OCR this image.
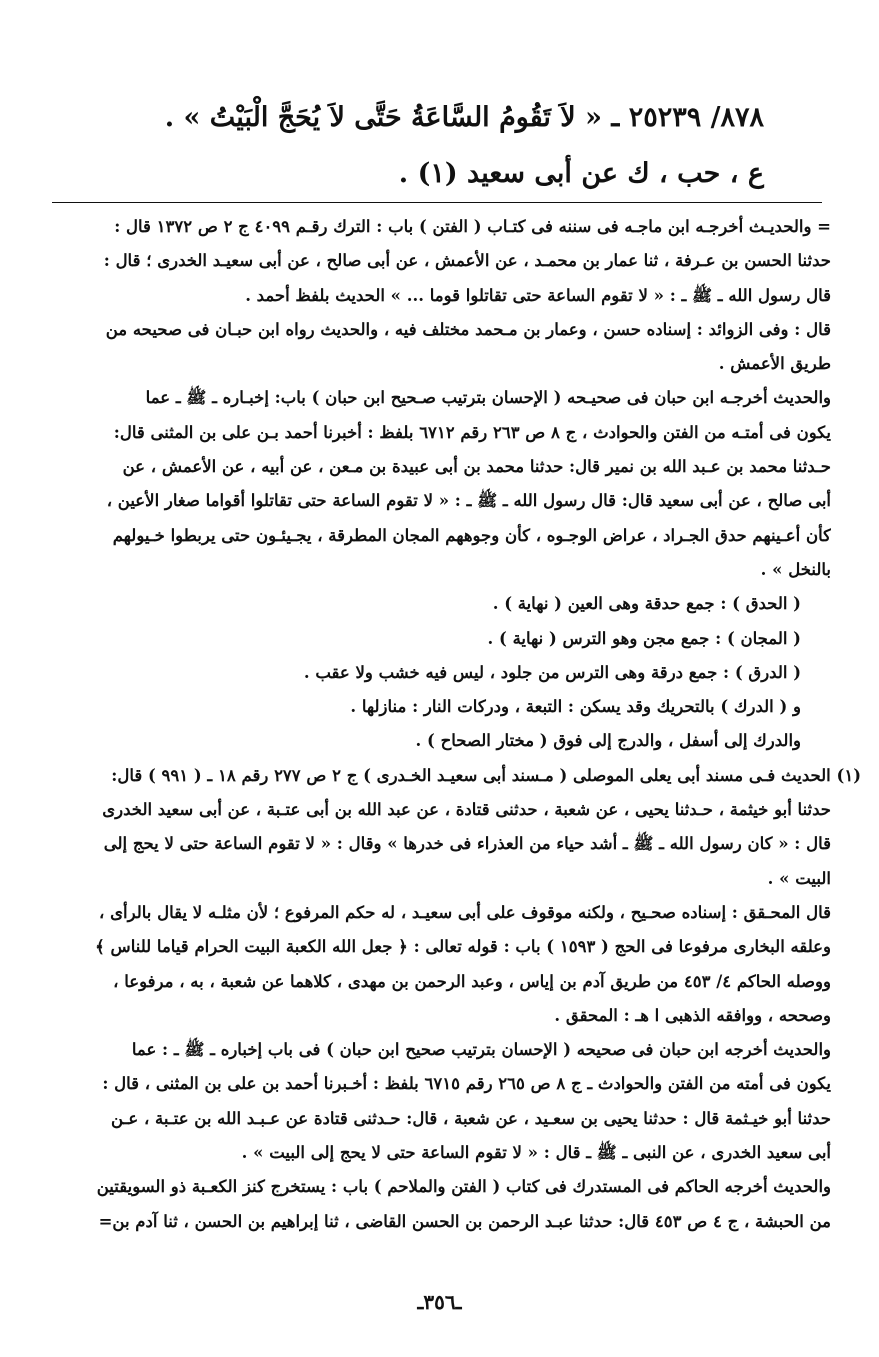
٨٧٨/ ٢٥٢٣٩ ـ « لاَ تَقُومُ السَّاعَةُ حَتَّى لاَ يُحَجَّ الْبَيْتُ » .
ع ، حب ، ك عن أبى سعيد (١) .
= والحديـث أخرجـه ابن ماجـه فى سننه فى كتـاب ( الفتن ) باب : الترك رقـم ٤٠٩٩ ج ٢ ص ١٣٧٢ قال :
حدثنا الحسن بن عـرفة ، ثنا عمار بن محمـد ، عن الأعمش ، عن أبى صالح ، عن أبى سعيـد الخدرى ؛ قال :
قال رسول الله ـ ﷺ ـ : « لا تقوم الساعة حتى تقاتلوا قوما ... » الحديث بلفظ أحمد .
قال : وفى الزوائد : إسناده حسن ، وعمار بن مـحمد مختلف فيه ، والحديث رواه ابن حبـان فى صحيحه من
طريق الأعمش .
والحديث أخرجـه ابن حبان فى صحيـحه ( الإحسان بترتيب صـحيح ابن حبان ) باب: إخبـاره ـ ﷺ ـ عما
يكون فى أمتـه من الفتن والحوادث ، ج ٨ ص ٢٦٣ رقم ٦٧١٢ بلفظ : أخبرنا أحمد بـن على بن المثنى قال:
حـدثنا محمد بن عـبد الله بن نمير قال: حدثنا محمد بن أبى عبيدة بن مـعن ، عن أبيه ، عن الأعمش ، عن
أبى صالح ، عن أبى سعيد قال: قال رسول الله ـ ﷺ ـ : « لا تقوم الساعة حتى تقاتلوا أقواما صغار الأعين ،
كأن أعـينهم حدق الجـراد ، عراض الوجـوه ، كأن وجوههم المجان المطرقة ، يجـيئـون حتى يربطوا خـيولهم
بالنخل » .
( الحدق ) : جمع حدقة وهى العين ( نهاية ) .
( المجان ) : جمع مجن وهو الترس ( نهاية ) .
( الدرق ) : جمع درقة وهى الترس من جلود ، ليس فيه خشب ولا عقب .
و ( الدرك ) بالتحريك وقد يسكن : التبعة ، ودركات النار : منازلها .
والدرك إلى أسفل ، والدرج إلى فوق ( مختار الصحاح ) .
(١) الحديث فـى مسند أبى يعلى الموصلى ( مـسند أبى سعيـد الخـدرى ) ج ٢ ص ٢٧٧ رقم ١٨ ـ ( ٩٩١ ) قال:
حدثنا أبو خيثمة ، حـدثنا يحيى ، عن شعبة ، حدثنى قتادة ، عن عبد الله بن أبى عتـبة ، عن أبى سعيد الخدرى
قال : « كان رسول الله ـ ﷺ ـ أشد حياء من العذراء فى خدرها » وقال : « لا تقوم الساعة حتى لا يحج إلى
البيت » .
قال المحـقق : إسناده صحـيح ، ولكنه موقوف على أبى سعيـد ، له حكم المرفوع ؛ لأن مثلـه لا يقال بالرأى ،
وعلقه البخارى مرفوعا فى الحج ( ١٥٩٣ ) باب : قوله تعالى : ﴿ جعل الله الكعبة البيت الحرام قياما للناس ﴾
ووصله الحاكم ٤/ ٤٥٣ من طريق آدم بن إياس ، وعبد الرحمن بن مهدى ، كلاهما عن شعبة ، به ، مرفوعا ،
وصححه ، ووافقه الذهبى ا هـ : المحقق .
والحديث أخرجه ابن حبان فى صحيحه ( الإحسان بترتيب صحيح ابن حبان ) فى باب إخباره ـ ﷺ ـ : عما
يكون فى أمته من الفتن والحوادث ـ ج ٨ ص ٢٦٥ رقم ٦٧١٥ بلفظ : أخـبرنا أحمد بن على بن المثنى ، قال :
حدثنا أبو خيـثمة قال : حدثنا يحيى بن سعـيد ، عن شعبة ، قال: حـدثنى قتادة عن عـبـد الله بن عتـبة ، عـن
أبى سعيد الخدرى ، عن النبى ـ ﷺ ـ قال : « لا تقوم الساعة حتى لا يحج إلى البيت » .
والحديث أخرجه الحاكم فى المستدرك فى كتاب ( الفتن والملاحم ) باب : يستخرج كنز الكعـبة ذو السويقتين
من الحبشة ، ج ٤ ص ٤٥٣ قال: حدثنا عبـد الرحمن بن الحسن القاضى ، ثنا إبراهيم بن الحسن ، ثنا آدم بن=
ـ٣٥٦ـ
